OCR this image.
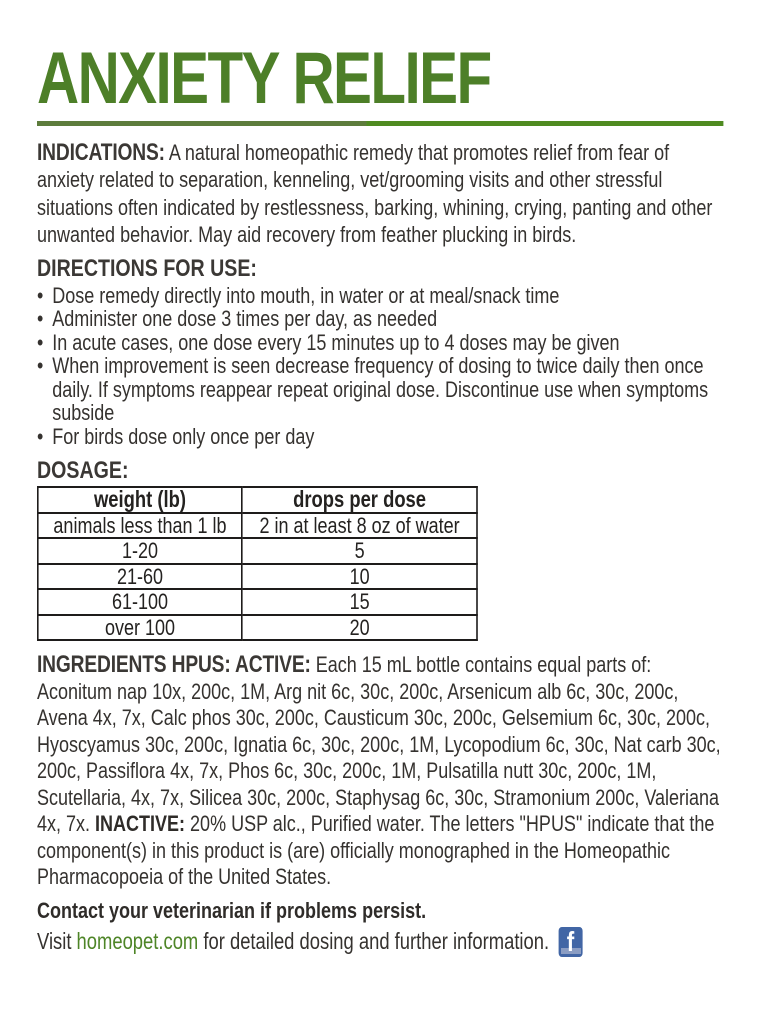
ANXIETY RELIEF

INDICATIONS: A natural homeopathic remedy that promotes relief from fear of anxiety related to separation, kenneling, vet/grooming visits and other stressful situations often indicated by restlessness, barking, whining, crying, panting and other unwanted behavior. May aid recovery from feather plucking in birds.

DIRECTIONS FOR USE:
• Dose remedy directly into mouth, in water or at meal/snack time
• Administer one dose 3 times per day, as needed
• In acute cases, one dose every 15 minutes up to 4 doses may be given
• When improvement is seen decrease frequency of dosing to twice daily then once daily. If symptoms reappear repeat original dose. Discontinue use when symptoms subside
• For birds dose only once per day
DOSAGE:
weight (lb)	drops per dose
animals less than 1 lb	2 in at least 8 oz of water
1-20	5
21-60	10
61-100	15
over 100	20

INGREDIENTS HPUS: ACTIVE: Each 15 mL bottle contains equal parts of: Aconitum nap 10x, 200c, 1M, Arg nit 6c, 30c, 200c, Arsenicum alb 6c, 30c, 200c, Avena 4x, 7x, Calc phos 30c, 200c, Causticum 30c, 200c, Gelsemium 6c, 30c, 200c, Hyoscyamus 30c, 200c, Ignatia 6c, 30c, 200c, 1M, Lycopodium 6c, 30c, Nat carb 30c, 200c, Passiflora 4x, 7x, Phos 6c, 30c, 200c, 1M, Pulsatilla nutt 30c, 200c, 1M, Scutellaria, 4x, 7x, Silicea 30c, 200c, Staphysag 6c, 30c, Stramonium 200c, Valeriana 4x, 7x. INACTIVE: 20% USP alc., Purified water. The letters "HPUS" indicate that the component(s) in this product is (are) officially monographed in the Homeopathic Pharmacopoeia of the United States.

Contact your veterinarian if problems persist.

Visit homeopet.com for detailed dosing and further information. f
